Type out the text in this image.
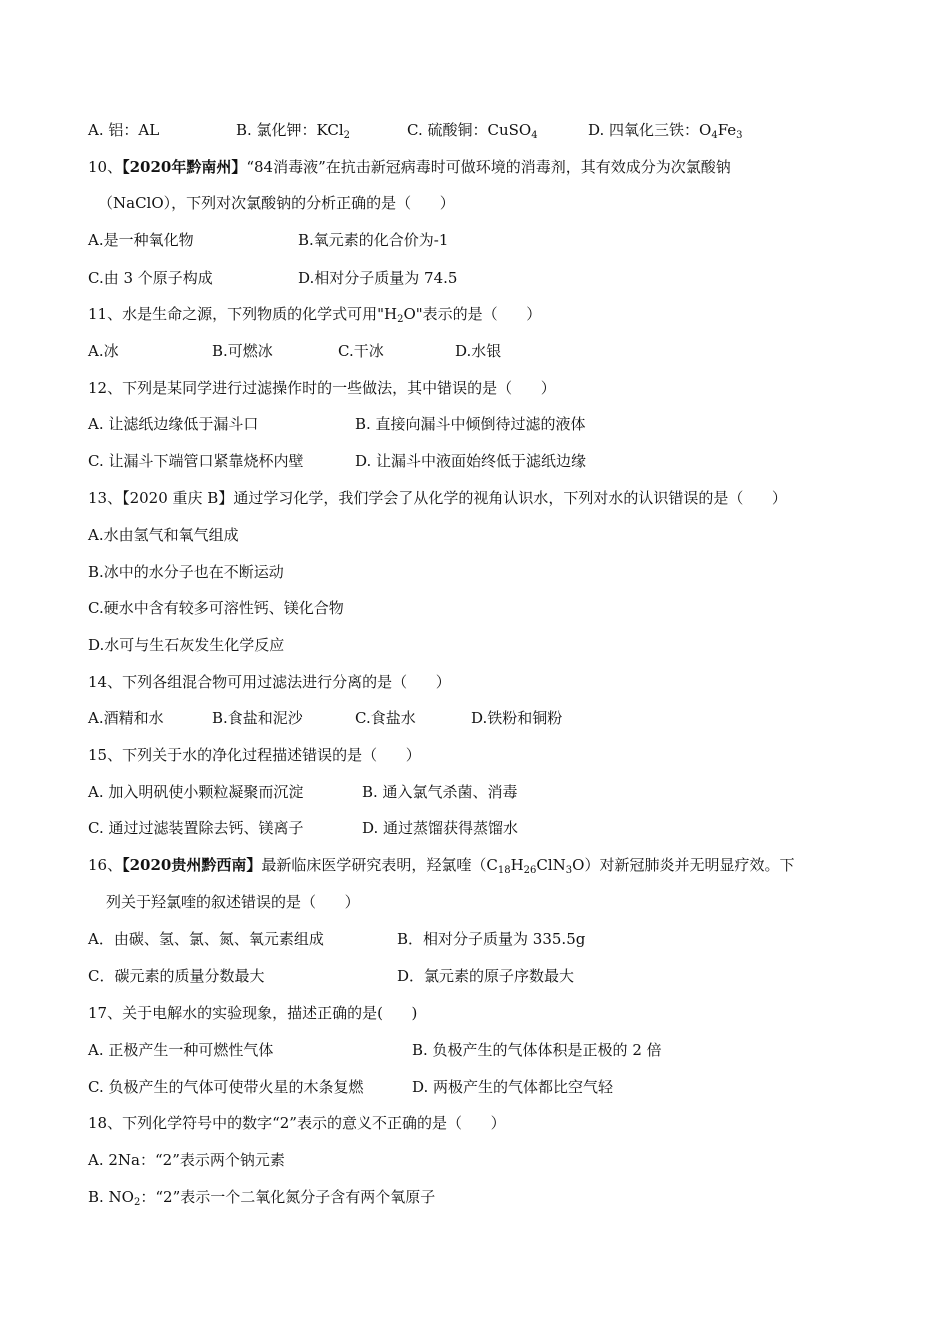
A. 铝：AL	B. 氯化钾：KCl$_2$	C. 硫酸铜：CuSO$_4$	D. 四氧化三铁：$O_4Fe_3$
10、【2020年黔南州】“84消毒液”在抗击新冠病毒时可做环境的消毒剂，其有效成分为次氯酸钠
（NaClO），下列对次氯酸钠的分析正确的是（      ）
A.是一种氧化物	B.氧元素的化合价为-1
C.由 3 个原子构成	D.相对分子质量为 74.5
11、水是生命之源，下列物质的化学式可用"$H_2O$"表示的是（      ）
A.冰	B.可燃冰	C.干冰	D.水银
12、下列是某同学进行过滤操作时的一些做法，其中错误的是（      ）
A. 让滤纸边缘低于漏斗口	B. 直接向漏斗中倾倒待过滤的液体
C. 让漏斗下端管口紧靠烧杯内壁	D. 让漏斗中液面始终低于滤纸边缘
13、【2020 重庆 B】通过学习化学，我们学会了从化学的视角认识水，下列对水的认识错误的是（      ）
A.水由氢气和氧气组成
B.冰中的水分子也在不断运动
C.硬水中含有较多可溶性钙、镁化合物
D.水可与生石灰发生化学反应
14、下列各组混合物可用过滤法进行分离的是（      ）
A.酒精和水	B.食盐和泥沙	C.食盐水	D.铁粉和铜粉
15、下列关于水的净化过程描述错误的是（      ）
A. 加入明矾使小颗粒凝聚而沉淀	B. 通入氯气杀菌、消毒
C. 通过过滤装置除去钙、镁离子	D. 通过蒸馏获得蒸馏水
16、【2020贵州黔西南】最新临床医学研究表明，羟氯喹$(C_{18}H_{26}ClN_3O)$对新冠肺炎并无明显疗效。下
列关于羟氯喹的叙述错误的是（      ）
A．由碳、氢、氯、氮、氧元素组成	B．相对分子质量为 335.5g
C．碳元素的质量分数最大	D．氯元素的原子序数最大
17、关于电解水的实验现象，描述正确的是(      )
A. 正极产生一种可燃性气体	B. 负极产生的气体体积是正极的 2 倍
C. 负极产生的气体可使带火星的木条复燃	D. 两极产生的气体都比空气轻
18、下列化学符号中的数字“2”表示的意义不正确的是（      ）
A. 2Na：“2”表示两个钠元素
B. $NO_2$：“2”表示一个二氧化氮分子含有两个氧原子
